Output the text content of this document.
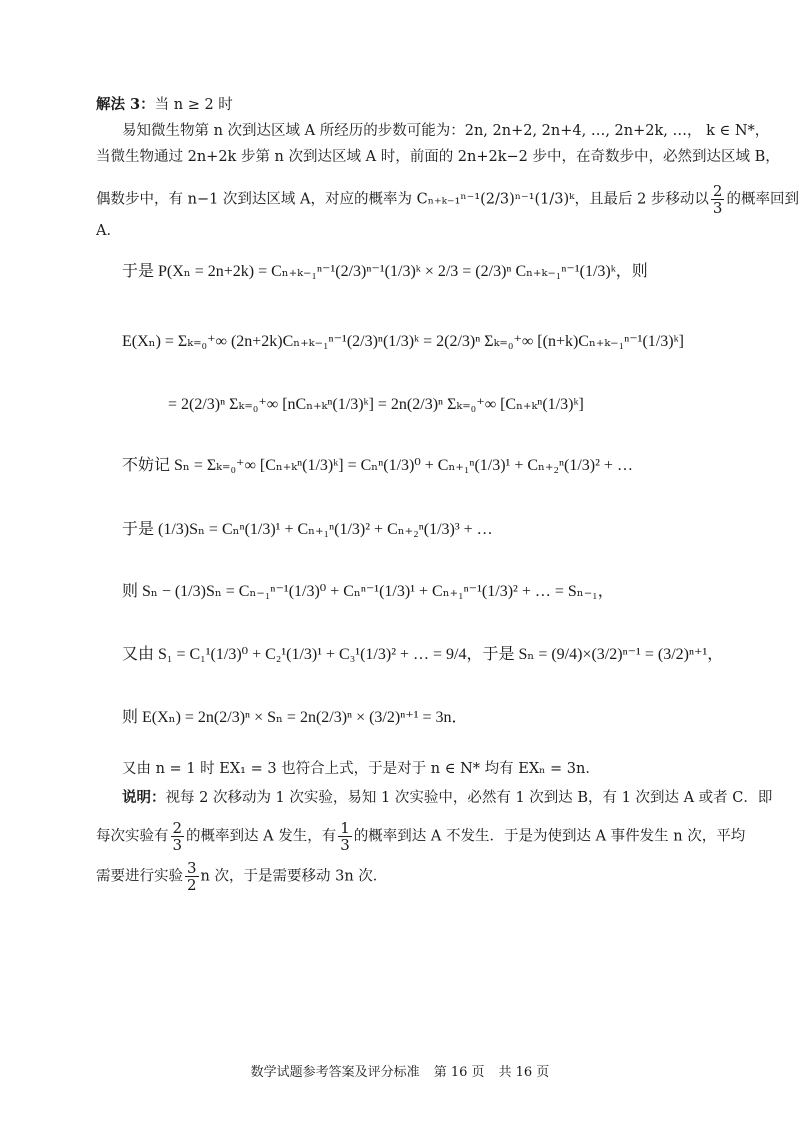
解法 3：当 n ≥ 2 时
易知微生物第 n 次到达区域 A 所经历的步数可能为：2n, 2n+2, 2n+4, …, 2n+2k, …， k ∈ N*，
当微生物通过 2n+2k 步第 n 次到达区域 A 时，前面的 2n+2k−2 步中，在奇数步中，必然到达区域 B，
偶数步中，有 n−1 次到达区域 A，对应的概率为 Cₙ₊ₖ₋₁ⁿ⁻¹(2/3)ⁿ⁻¹(1/3)ᵏ，且最后 2 步移动以 $\frac{2}{3}$ 的概率回到
A．
于是 P(Xₙ = 2n+2k) = Cₙ₊ₖ₋₁ⁿ⁻¹(2/3)ⁿ⁻¹(1/3)ᵏ × 2/3 = (2/3)ⁿ Cₙ₊ₖ₋₁ⁿ⁻¹(1/3)ᵏ，则
E(Xₙ) = Σₖ₌₀⁺∞ (2n+2k)Cₙ₊ₖ₋₁ⁿ⁻¹(2/3)ⁿ(1/3)ᵏ = 2(2/3)ⁿ Σₖ₌₀⁺∞ [(n+k)Cₙ₊ₖ₋₁ⁿ⁻¹(1/3)ᵏ]
= 2(2/3)ⁿ Σₖ₌₀⁺∞ [nCₙ₊ₖⁿ(1/3)ᵏ] = 2n(2/3)ⁿ Σₖ₌₀⁺∞ [Cₙ₊ₖⁿ(1/3)ᵏ]
不妨记 Sₙ = Σₖ₌₀⁺∞ [Cₙ₊ₖⁿ(1/3)ᵏ] = Cₙⁿ(1/3)⁰ + Cₙ₊₁ⁿ(1/3)¹ + Cₙ₊₂ⁿ(1/3)² + …
于是 (1/3)Sₙ = Cₙⁿ(1/3)¹ + Cₙ₊₁ⁿ(1/3)² + Cₙ₊₂ⁿ(1/3)³ + …
则 Sₙ − (1/3)Sₙ = Cₙ₋₁ⁿ⁻¹(1/3)⁰ + Cₙⁿ⁻¹(1/3)¹ + Cₙ₊₁ⁿ⁻¹(1/3)² + … = Sₙ₋₁，
又由 S₁ = C₁¹(1/3)⁰ + C₂¹(1/3)¹ + C₃¹(1/3)² + … = 9/4，于是 Sₙ = (9/4)×(3/2)ⁿ⁻¹ = (3/2)ⁿ⁺¹，
则 E(Xₙ) = 2n(2/3)ⁿ × Sₙ = 2n(2/3)ⁿ × (3/2)ⁿ⁺¹ = 3n．
又由 n = 1 时 EX₁ = 3 也符合上式，于是对于 n ∈ N* 均有 EXₙ = 3n．
说明：视每 2 次移动为 1 次实验，易知 1 次实验中，必然有 1 次到达 B，有 1 次到达 A 或者 C．即
每次实验有 $\frac{2}{3}$ 的概率到达 A 发生，有 $\frac{1}{3}$ 的概率到达 A 不发生．于是为使到达 A 事件发生 n 次，平均
需要进行实验 $\frac{3}{2}$ n 次，于是需要移动 3n 次．
数学试题参考答案及评分标准 第 16 页 共 16 页
